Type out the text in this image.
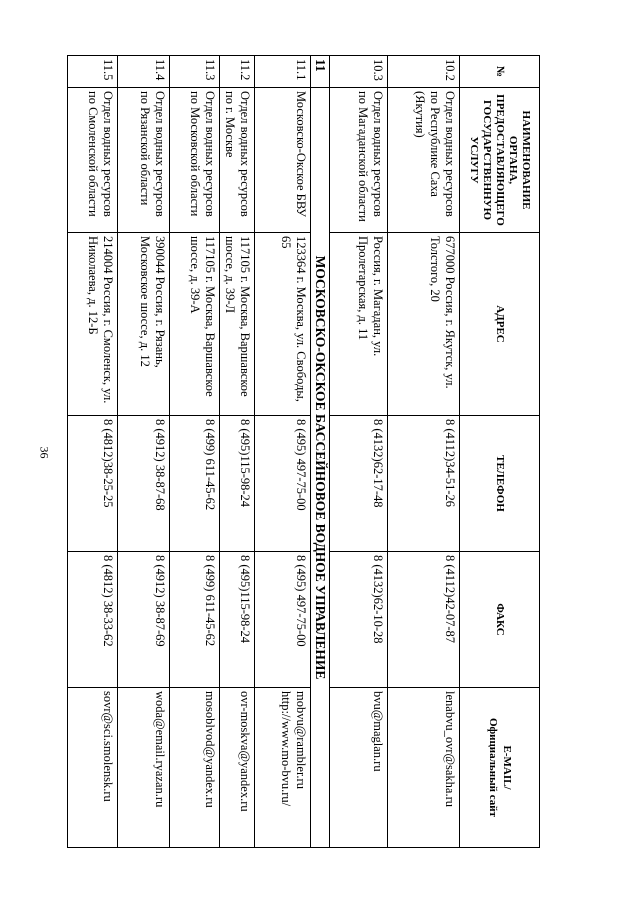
36
№	НАИМЕНОВАНИЕ ОРГАНА, ПРЕДОСТАВЛЯЮЩЕГО ГОСУДАРСТВЕННУЮ УСЛУГУ	АДРЕС	ТЕЛЕФОН	ФАКС	E-MAIL/
Официальный сайт

10.2	Отдел водных ресурсов по Республике Саха (Якутия)	677000 Россия, г. Якутск, ул. Толстого, 20	8 (4112)34-51-26	8 (4112)42-07-87	lenabvu_ovr@sakha.ru
10.3	Отдел водных ресурсов по Магаданской области	Россия, г. Магадан, ул. Пролетарская, д. 11	8 (4132)62-17-48	8 (4132)62-10-28	bvu@maglan.ru
11	МОСКОВСКО-ОКСКОЕ БАССЕЙНОВОЕ ВОДНОЕ УПРАВЛЕНИЕ				
11.1	Московско-Окское БВУ	123364 г. Москва, ул. Свободы, 65	8 (495) 497-75-00	8 (495) 497-75-00	mobvu@rambler.ru http://www.mo-bvu.ru/
11.2	Отдел водных ресурсов по г. Москве	117105 г. Москва, Варшавское шоссе, д. 39-Л	8 (495)115-98-24	8 (495)115-98-24	ovr-moskva@yandex.ru
11.3	Отдел водных ресурсов по Московской области	117105 г. Москва, Варшавское шоссе, д. 39-А	8 (499) 611-45-62	8 (499) 611-45-62	mosoblvod@yandex.ru
11.4	Отдел водных ресурсов по Рязанской области	390044 Россия, г. Рязань, Московское шоссе, д. 12	8 (4912) 38-87-68	8 (4912) 38-87-69	woda@email.ryazan.ru
11.5	Отдел водных ресурсов по Смоленской области	214004 Россия, г. Смоленск, ул. Николаева, д. 12-Б	8 (4812)38-25-25	8 (4812) 38-33-62	sovr@sci.smolensk.ru
